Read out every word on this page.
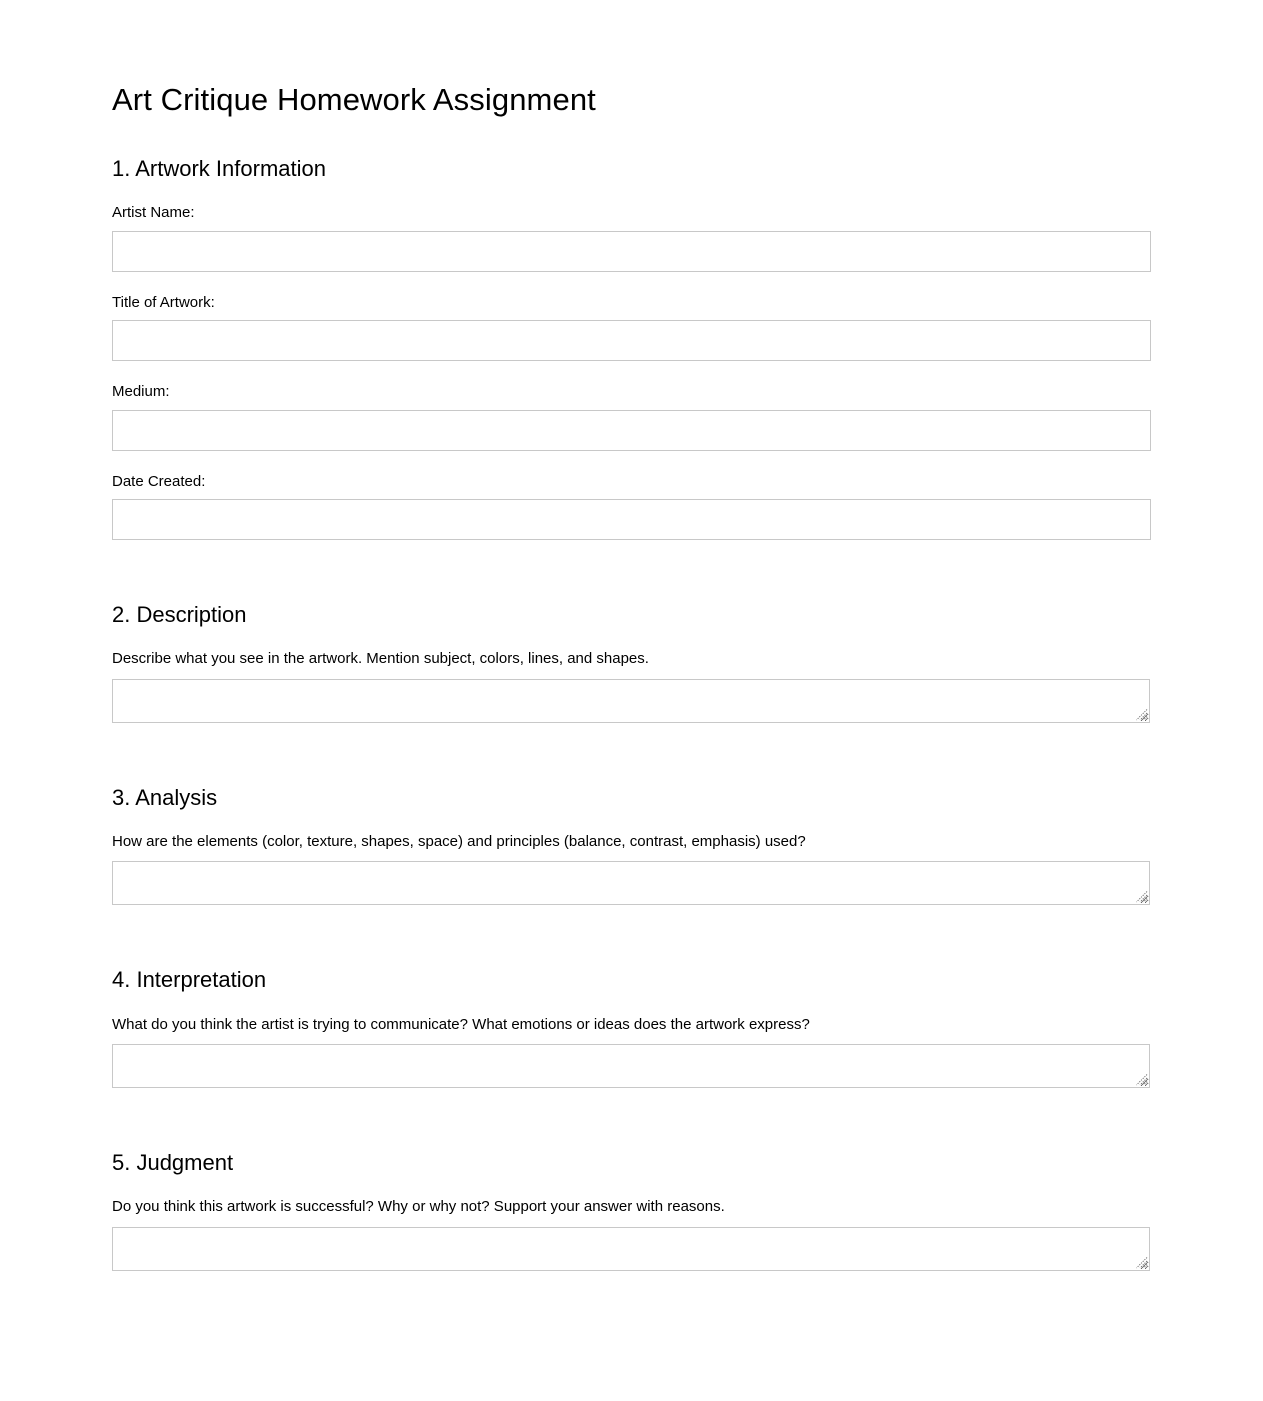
Art Critique Homework Assignment
1. Artwork Information
Artist Name:
Title of Artwork:
Medium:
Date Created:
2. Description

Describe what you see in the artwork. Mention subject, colors, lines, and shapes.

3. Analysis

How are the elements (color, texture, shapes, space) and principles (balance, contrast, emphasis) used?

4. Interpretation

What do you think the artist is trying to communicate? What emotions or ideas does the artwork express?

5. Judgment

Do you think this artwork is successful? Why or why not? Support your answer with reasons.
